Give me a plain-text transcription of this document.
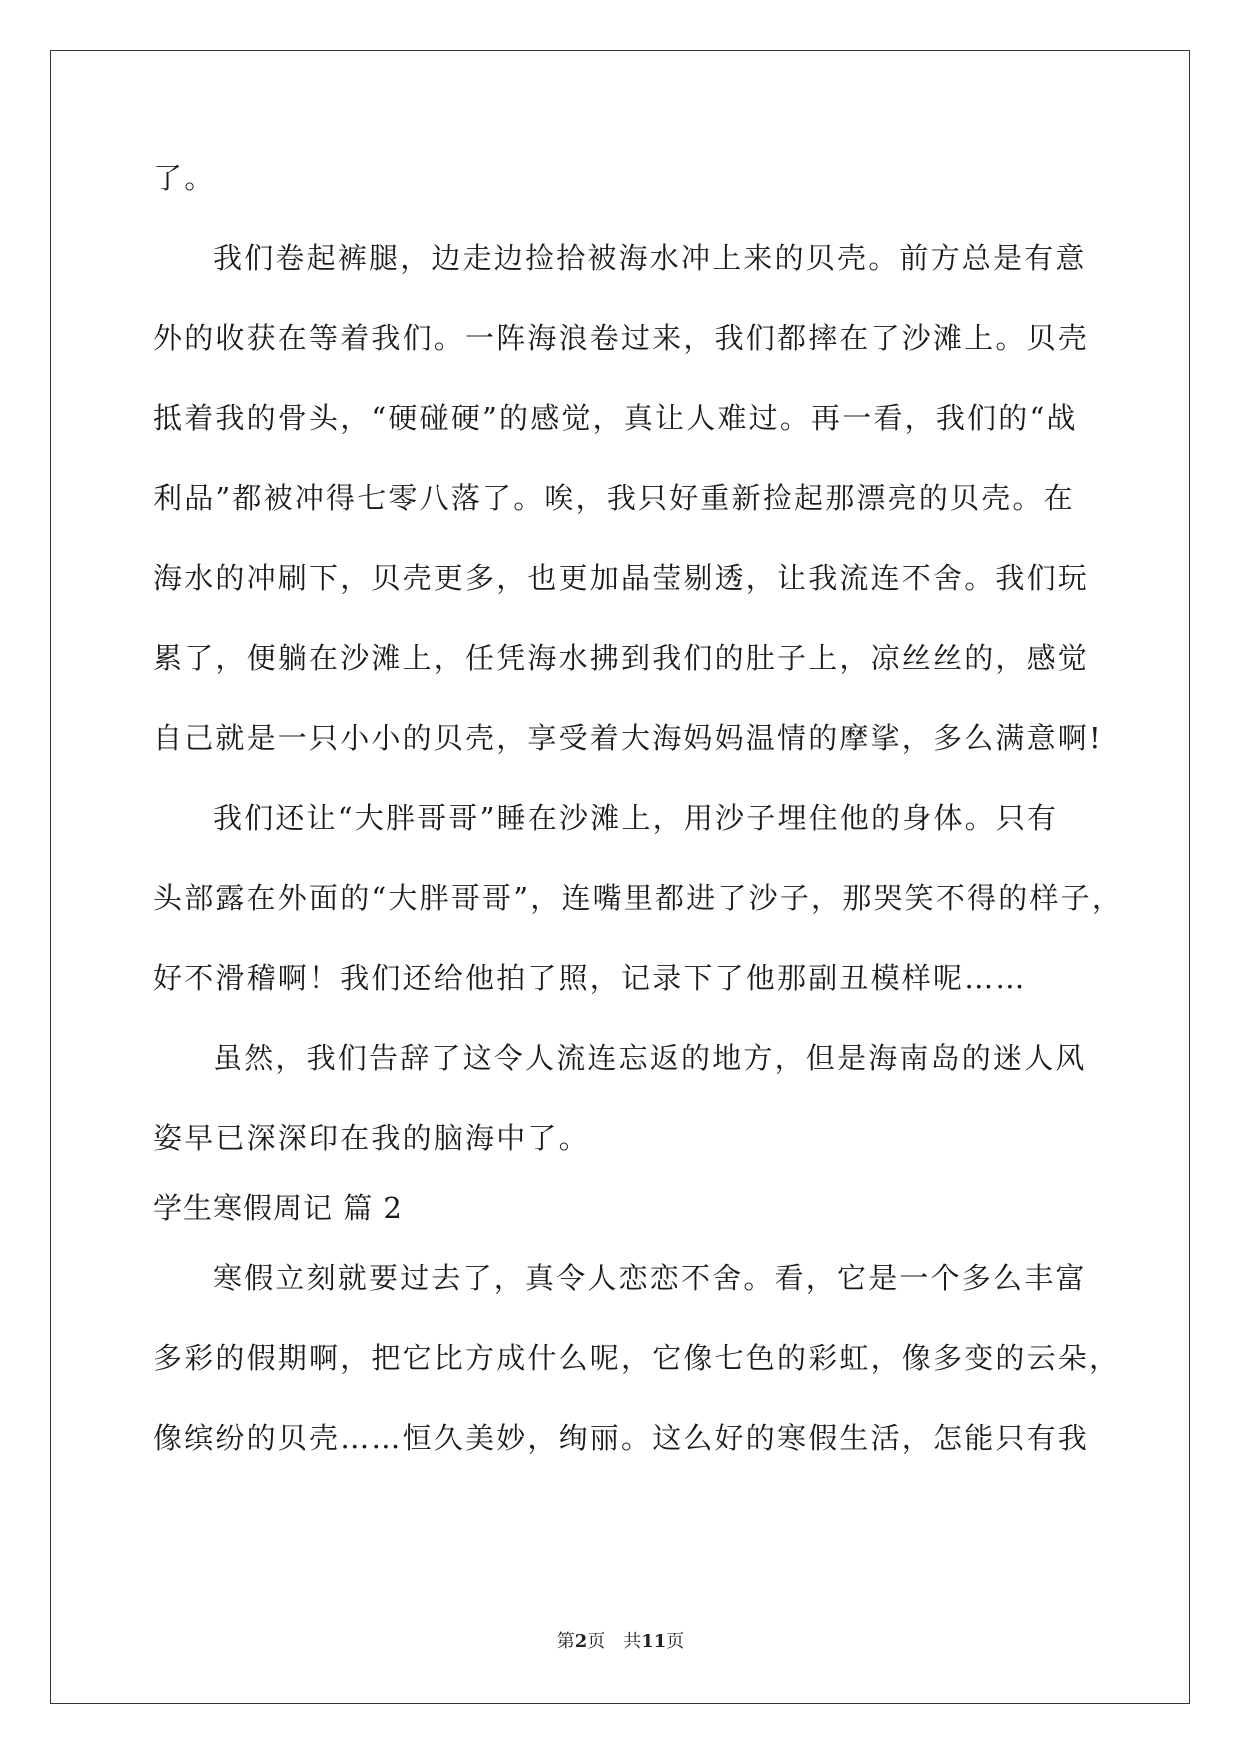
了。
我们卷起裤腿，边走边捡拾被海水冲上来的贝壳。前方总是有意
外的收获在等着我们。一阵海浪卷过来，我们都摔在了沙滩上。贝壳
抵着我的骨头，“硬碰硬”的感觉，真让人难过。再一看，我们的“战
利品”都被冲得七零八落了。唉，我只好重新捡起那漂亮的贝壳。在
海水的冲刷下，贝壳更多，也更加晶莹剔透，让我流连不舍。我们玩
累了，便躺在沙滩上，任凭海水拂到我们的肚子上，凉丝丝的，感觉
自己就是一只小小的贝壳，享受着大海妈妈温情的摩挲，多么满意啊!
我们还让“大胖哥哥”睡在沙滩上，用沙子埋住他的身体。只有
头部露在外面的“大胖哥哥”，连嘴里都进了沙子，那哭笑不得的样子，
好不滑稽啊！我们还给他拍了照，记录下了他那副丑模样呢……
虽然，我们告辞了这令人流连忘返的地方，但是海南岛的迷人风
姿早已深深印在我的脑海中了。
学生寒假周记 篇 2
寒假立刻就要过去了，真令人恋恋不舍。看，它是一个多么丰富
多彩的假期啊，把它比方成什么呢，它像七色的彩虹，像多变的云朵，
像缤纷的贝壳……恒久美妙，绚丽。这么好的寒假生活，怎能只有我
第2页　共11页
